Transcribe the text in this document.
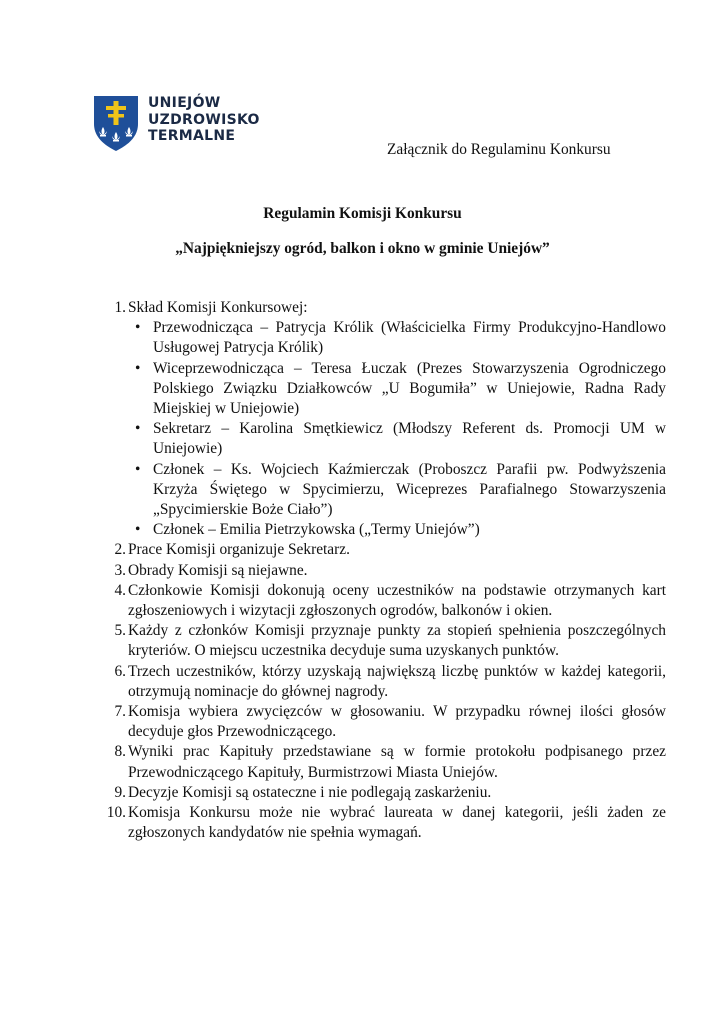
UNIEJÓW
UZDROWISKO
TERMALNE
Załącznik do Regulaminu Konkursu
Regulamin Komisji Konkursu
„Najpiękniejszy ogród, balkon i okno w gminie Uniejów”
1. Skład Komisji Konkursowej:
• Przewodnicząca – Patrycja Królik (Właścicielka Firmy Produkcyjno-Handlowo Usługowej Patrycja Królik)
• Wiceprzewodnicząca – Teresa Łuczak (Prezes Stowarzyszenia Ogrodniczego Polskiego Związku Działkowców „U Bogumiła” w Uniejowie, Radna Rady Miejskiej w Uniejowie)
• Sekretarz – Karolina Smętkiewicz (Młodszy Referent ds. Promocji UM w Uniejowie)
• Członek – Ks. Wojciech Kaźmierczak (Proboszcz Parafii pw. Podwyższenia Krzyża Świętego w Spycimierzu, Wiceprezes Parafialnego Stowarzyszenia „Spycimierskie Boże Ciało”)
• Członek – Emilia Pietrzykowska („Termy Uniejów”)
2. Prace Komisji organizuje Sekretarz.
3. Obrady Komisji są niejawne.
4. Członkowie Komisji dokonują oceny uczestników na podstawie otrzymanych kart zgłoszeniowych i wizytacji zgłoszonych ogrodów, balkonów i okien.
5. Każdy z członków Komisji przyznaje punkty za stopień spełnienia poszczególnych kryteriów. O miejscu uczestnika decyduje suma uzyskanych punktów.
6. Trzech uczestników, którzy uzyskają największą liczbę punktów w każdej kategorii, otrzymują nominacje do głównej nagrody.
7. Komisja wybiera zwycięzców w głosowaniu. W przypadku równej ilości głosów decyduje głos Przewodniczącego.
8. Wyniki prac Kapituły przedstawiane są w formie protokołu podpisanego przez Przewodniczącego Kapituły, Burmistrzowi Miasta Uniejów.
9. Decyzje Komisji są ostateczne i nie podlegają zaskarżeniu.
10. Komisja Konkursu może nie wybrać laureata w danej kategorii, jeśli żaden ze zgłoszonych kandydatów nie spełnia wymagań.
